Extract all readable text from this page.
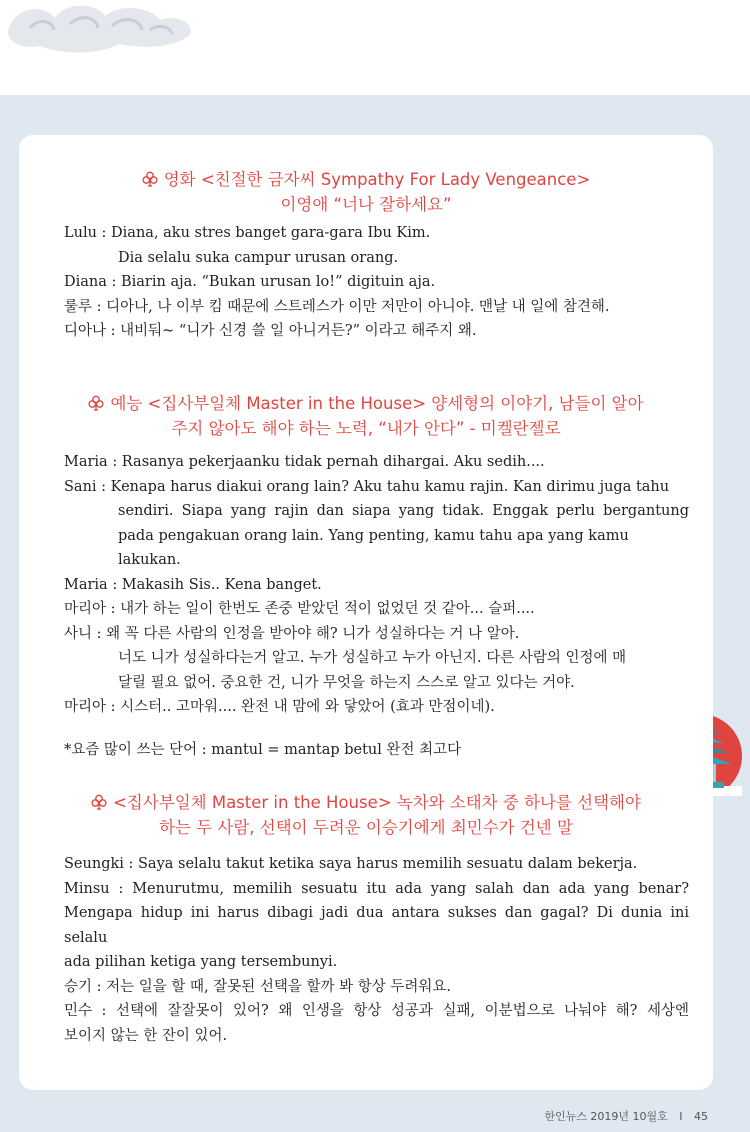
영화 <친절한 금자씨 Sympathy For Lady Vengeance>

이영애 “너나 잘하세요”

Lulu : Diana, aku stres banget gara-gara Ibu Kim.

Dia selalu suka campur urusan orang.

Diana : Biarin aja. “Bukan urusan lo!” digituin aja.

룰루 : 디아나, 나 이부 킴 때문에 스트레스가 이만 저만이 아니야. 맨날 내 일에 참견해.

디아나 : 내비둬~ “니가 신경 쓸 일 아니거든?” 이라고 해주지 왜.

예능 <집사부일체 Master in the House> 양세형의 이야기, 남들이 알아

주지 않아도 해야 하는 노력, “내가 안다” - 미켈란젤로

Maria : Rasanya pekerjaanku tidak pernah dihargai. Aku sedih....

Sani : Kenapa harus diakui orang lain? Aku tahu kamu rajin. Kan dirimu juga tahu

sendiri. Siapa yang rajin dan siapa yang tidak. Enggak perlu bergantung

pada pengakuan orang lain. Yang penting, kamu tahu apa yang kamu lakukan.

Maria : Makasih Sis.. Kena banget.

마리아 : 내가 하는 일이 한번도 존중 받았던 적이 없었던 것 같아... 슬퍼....

사니 : 왜 꼭 다른 사람의 인정을 받아야 해? 니가 성실하다는 거 나 알아.

너도 니가 성실하다는거 알고. 누가 성실하고 누가 아닌지. 다른 사람의 인정에 매

달릴 필요 없어. 중요한 건, 니가 무엇을 하는지 스스로 알고 있다는 거야.

마리아 : 시스터.. 고마워.... 완전 내 맘에 와 닿았어 (효과 만점이네).

*요즘 많이 쓰는 단어 : mantul = mantap betul 완전 최고다

<집사부일체 Master in the House> 녹차와 소태차 중 하나를 선택해야

하는 두 사람, 선택이 두려운 이승기에게 최민수가 건넨 말

Seungki : Saya selalu takut ketika saya harus memilih sesuatu dalam bekerja.

Minsu : Menurutmu, memilih sesuatu itu ada yang salah dan ada yang benar?

Mengapa hidup ini harus dibagi jadi dua antara sukses dan gagal? Di dunia ini selalu

ada pilihan ketiga yang tersembunyi.

승기 : 저는 일을 할 때, 잘못된 선택을 할까 봐 항상 두려워요.

민수 : 선택에 잘잘못이 있어? 왜 인생을 항상 성공과 실패, 이분법으로 나눠야 해? 세상엔

보이지 않는 한 잔이 있어.

한인뉴스 2019년 10월호 I 45
